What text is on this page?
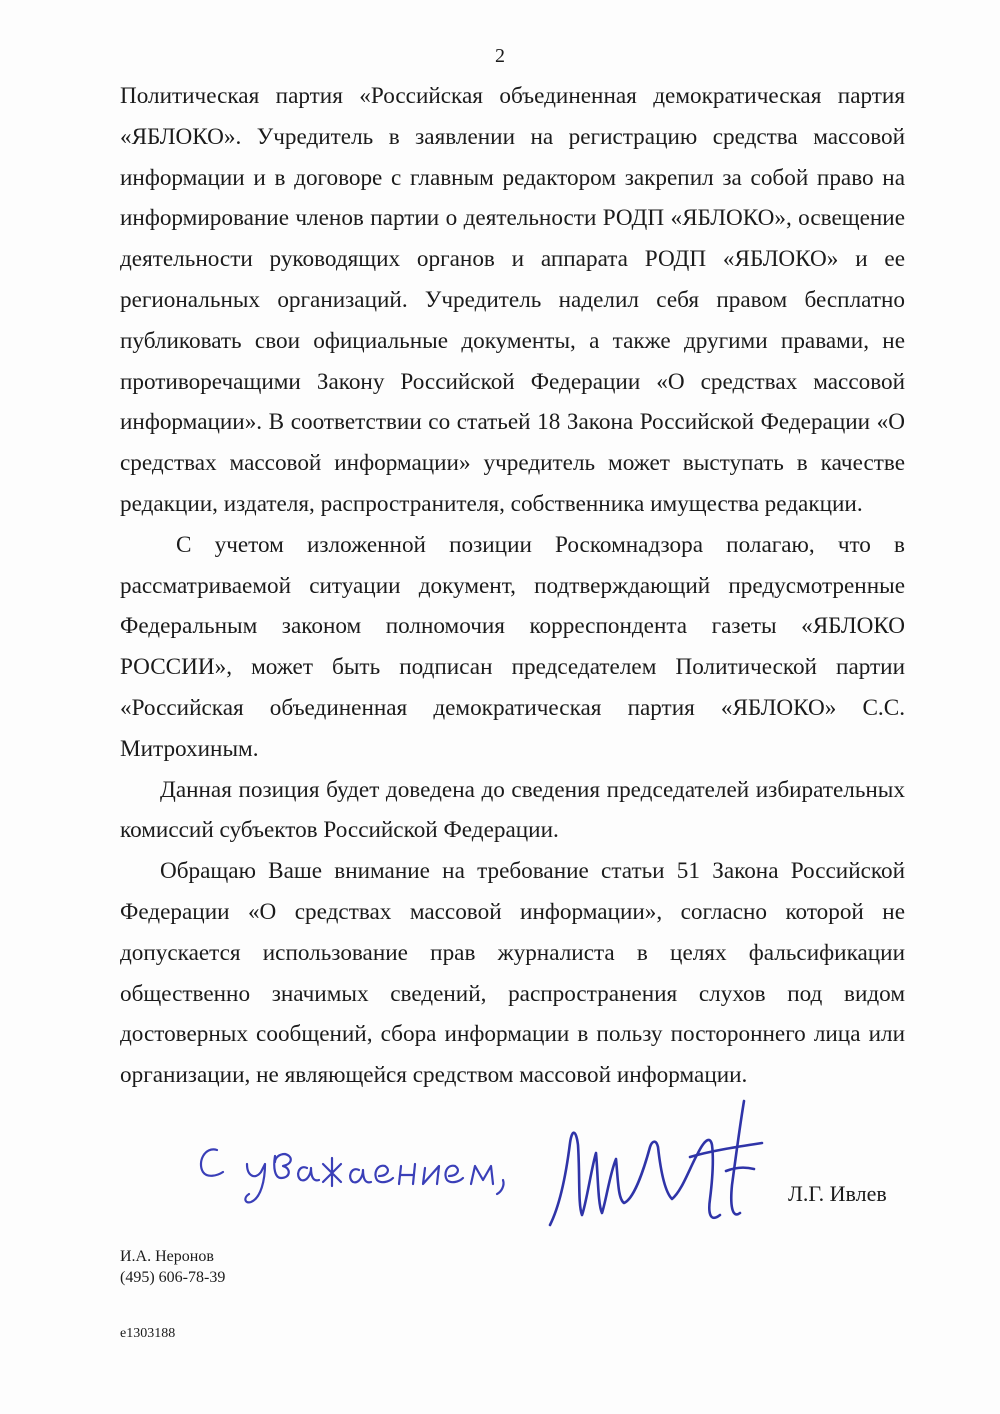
2

Политическая партия «Российская объединенная демократическая партия «ЯБЛОКО». Учредитель в заявлении на регистрацию средства массовой информации и в договоре с главным редактором закрепил за собой право на информирование членов партии о деятельности РОДП «ЯБЛОКО», освещение деятельности руководящих органов и аппарата РОДП «ЯБЛОКО» и ее региональных организаций. Учредитель наделил себя правом бесплатно публиковать свои официальные документы, а также другими правами, не противоречащими Закону Российской Федерации «О средствах массовой информации». В соответствии со статьей 18 Закона Российской Федерации «О средствах массовой информации» учредитель может выступать в качестве редакции, издателя, распространителя, собственника имущества редакции.

С учетом изложенной позиции Роскомнадзора полагаю, что в рассматриваемой ситуации документ, подтверждающий предусмотренные Федеральным законом полномочия корреспондента газеты «ЯБЛОКО РОССИИ», может быть подписан председателем Политической партии «Российская объединенная демократическая партия «ЯБЛОКО» С.С. Митрохиным.

Данная позиция будет доведена до сведения председателей избирательных комиссий субъектов Российской Федерации.

Обращаю Ваше внимание на требование статьи 51 Закона Российской Федерации «О средствах массовой информации», согласно которой не допускается использование прав журналиста в целях фальсификации общественно значимых сведений, распространения слухов под видом достоверных сообщений, сбора информации в пользу постороннего лица или организации, не являющейся средством массовой информации.

Л.Г. Ивлев
И.А. Неронов
(495) 606-78-39
e1303188
